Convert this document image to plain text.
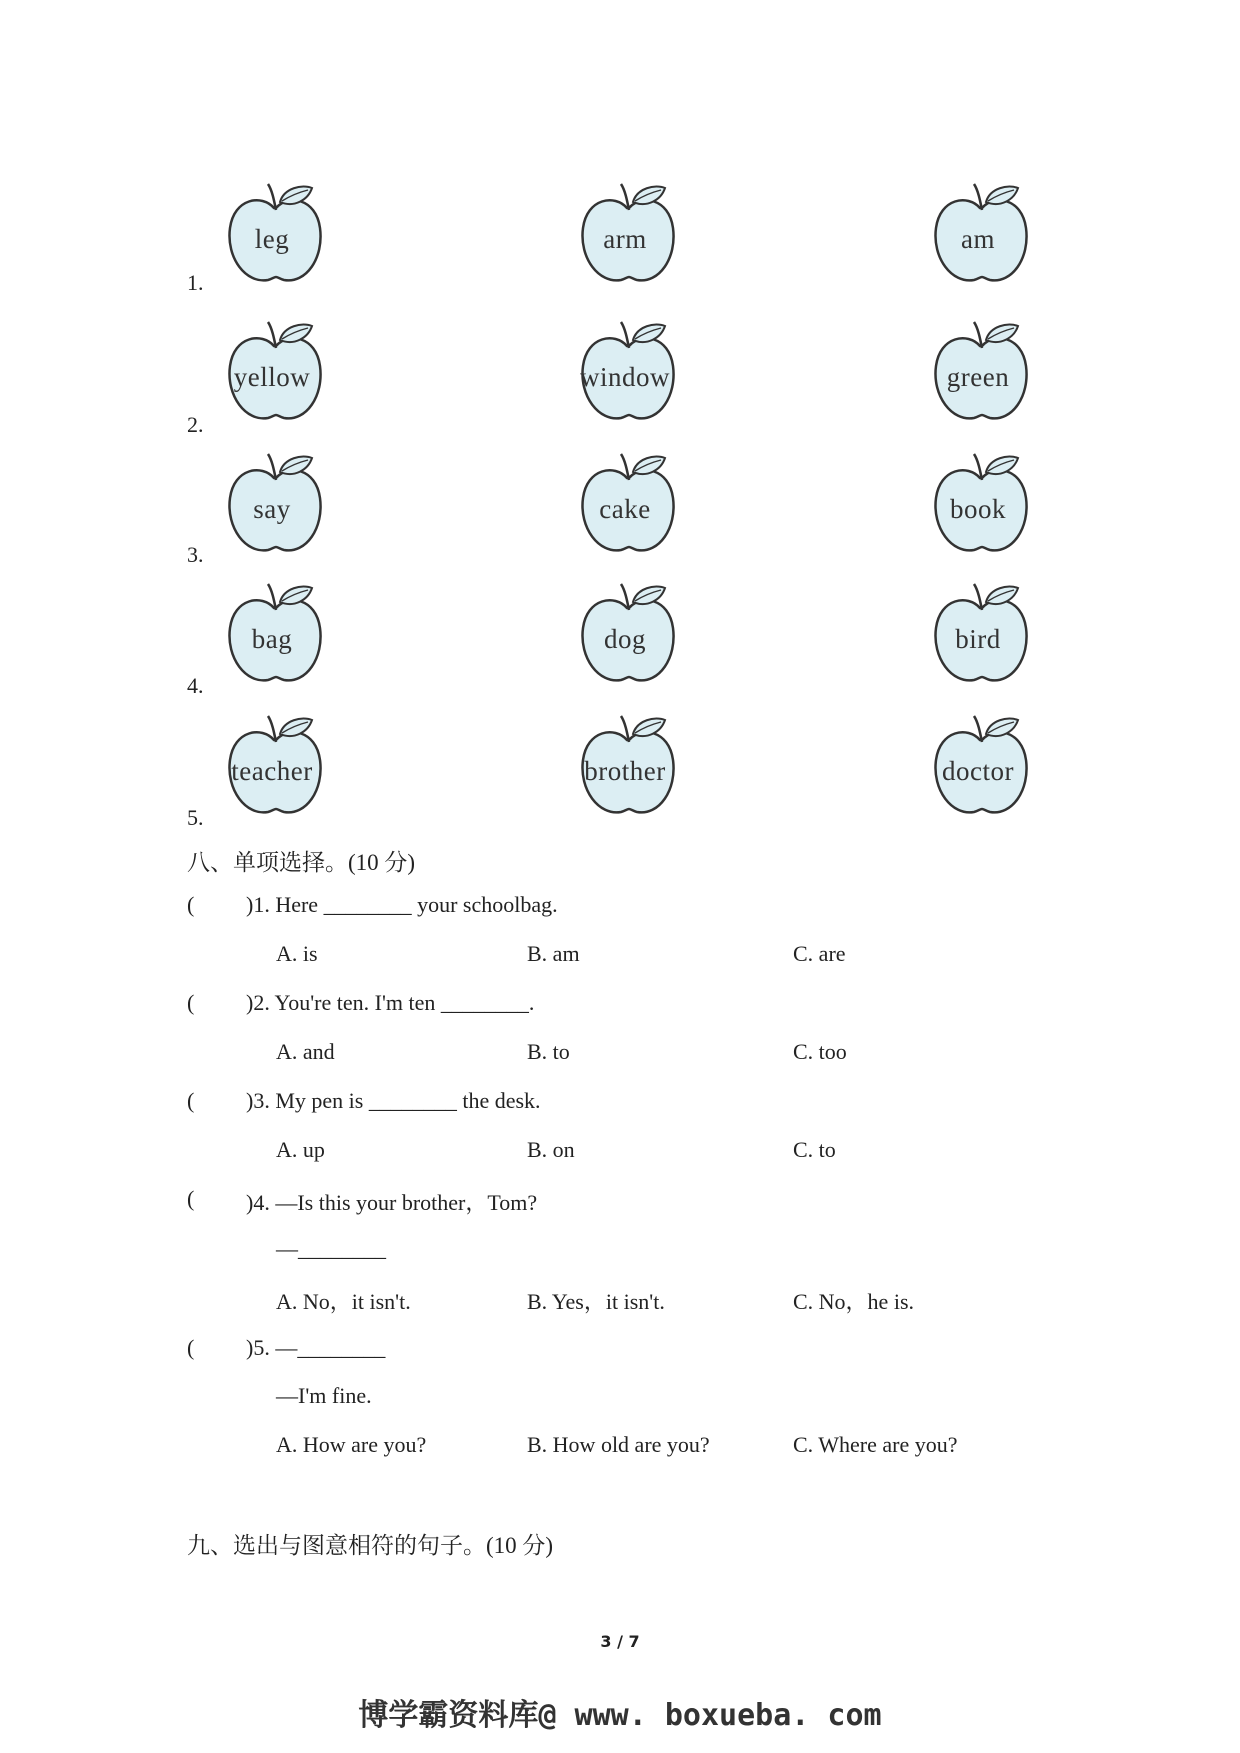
1.
leg	arm	am
2.
yellow	window	green
3.
say	cake	book
4.
bag	dog	bird
5.
teacher	brother	doctor
八、单项选择。(10 分)
( )1. Here ________ your schoolbag.
A. is	B. am	C. are
( )2. You're ten. I'm ten ________.
A. and	B. to	C. too
( )3. My pen is ________ the desk.
A. up	B. on	C. to
( )4. —Is this your brother，Tom?
—________
A. No，it isn't.	B. Yes，it isn't.	C. No，he is.
( )5. —________
—I'm fine.
A. How are you?	B. How old are you?	C. Where are you?
九、选出与图意相符的句子。(10 分)
3 / 7
博学霸资料库@ www. boxueba. com
